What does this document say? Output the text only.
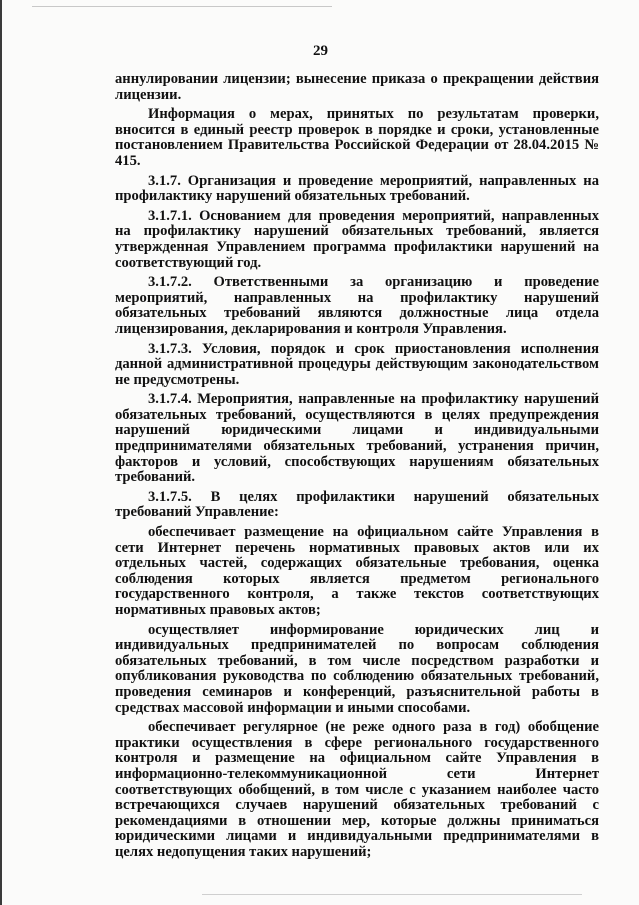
29

аннулировании лицензии; вынесение приказа о прекращении действия лицензии.

Информация о мерах, принятых по результатам проверки, вносится в единый реестр проверок в порядке и сроки, установленные постановлением Правительства Российской Федерации от 28.04.2015 № 415.

3.1.7. Организация и проведение мероприятий, направленных на профилактику нарушений обязательных требований.

3.1.7.1. Основанием для проведения мероприятий, направленных на профилактику нарушений обязательных требований, является утвержденная Управлением программа профилактики нарушений на соответствующий год.

3.1.7.2. Ответственными за организацию и проведение мероприятий, направленных на профилактику нарушений обязательных требований являются должностные лица отдела лицензирования, декларирования и контроля Управления.

3.1.7.3. Условия, порядок и срок приостановления исполнения данной административной процедуры действующим законодательством не предусмотрены.

3.1.7.4. Мероприятия, направленные на профилактику нарушений обязательных требований, осуществляются в целях предупреждения нарушений юридическими лицами и индивидуальными предпринимателями обязательных требований, устранения причин, факторов и условий, способствующих нарушениям обязательных требований.

3.1.7.5. В целях профилактики нарушений обязательных требований Управление:

обеспечивает размещение на официальном сайте Управления в сети Интернет перечень нормативных правовых актов или их отдельных частей, содержащих обязательные требования, оценка соблюдения которых является предметом регионального государственного контроля, а также текстов соответствующих нормативных правовых актов;

осуществляет информирование юридических лиц и индивидуальных предпринимателей по вопросам соблюдения обязательных требований, в том числе посредством разработки и опубликования руководства по соблюдению обязательных требований, проведения семинаров и конференций, разъяснительной работы в средствах массовой информации и иными способами.

обеспечивает регулярное (не реже одного раза в год) обобщение практики осуществления в сфере регионального государственного контроля и размещение на официальном сайте Управления в информационно-телекоммуникационной сети Интернет соответствующих обобщений, в том числе с указанием наиболее часто встречающихся случаев нарушений обязательных требований с рекомендациями в отношении мер, которые должны приниматься юридическими лицами и индивидуальными предпринимателями в целях недопущения таких нарушений;
